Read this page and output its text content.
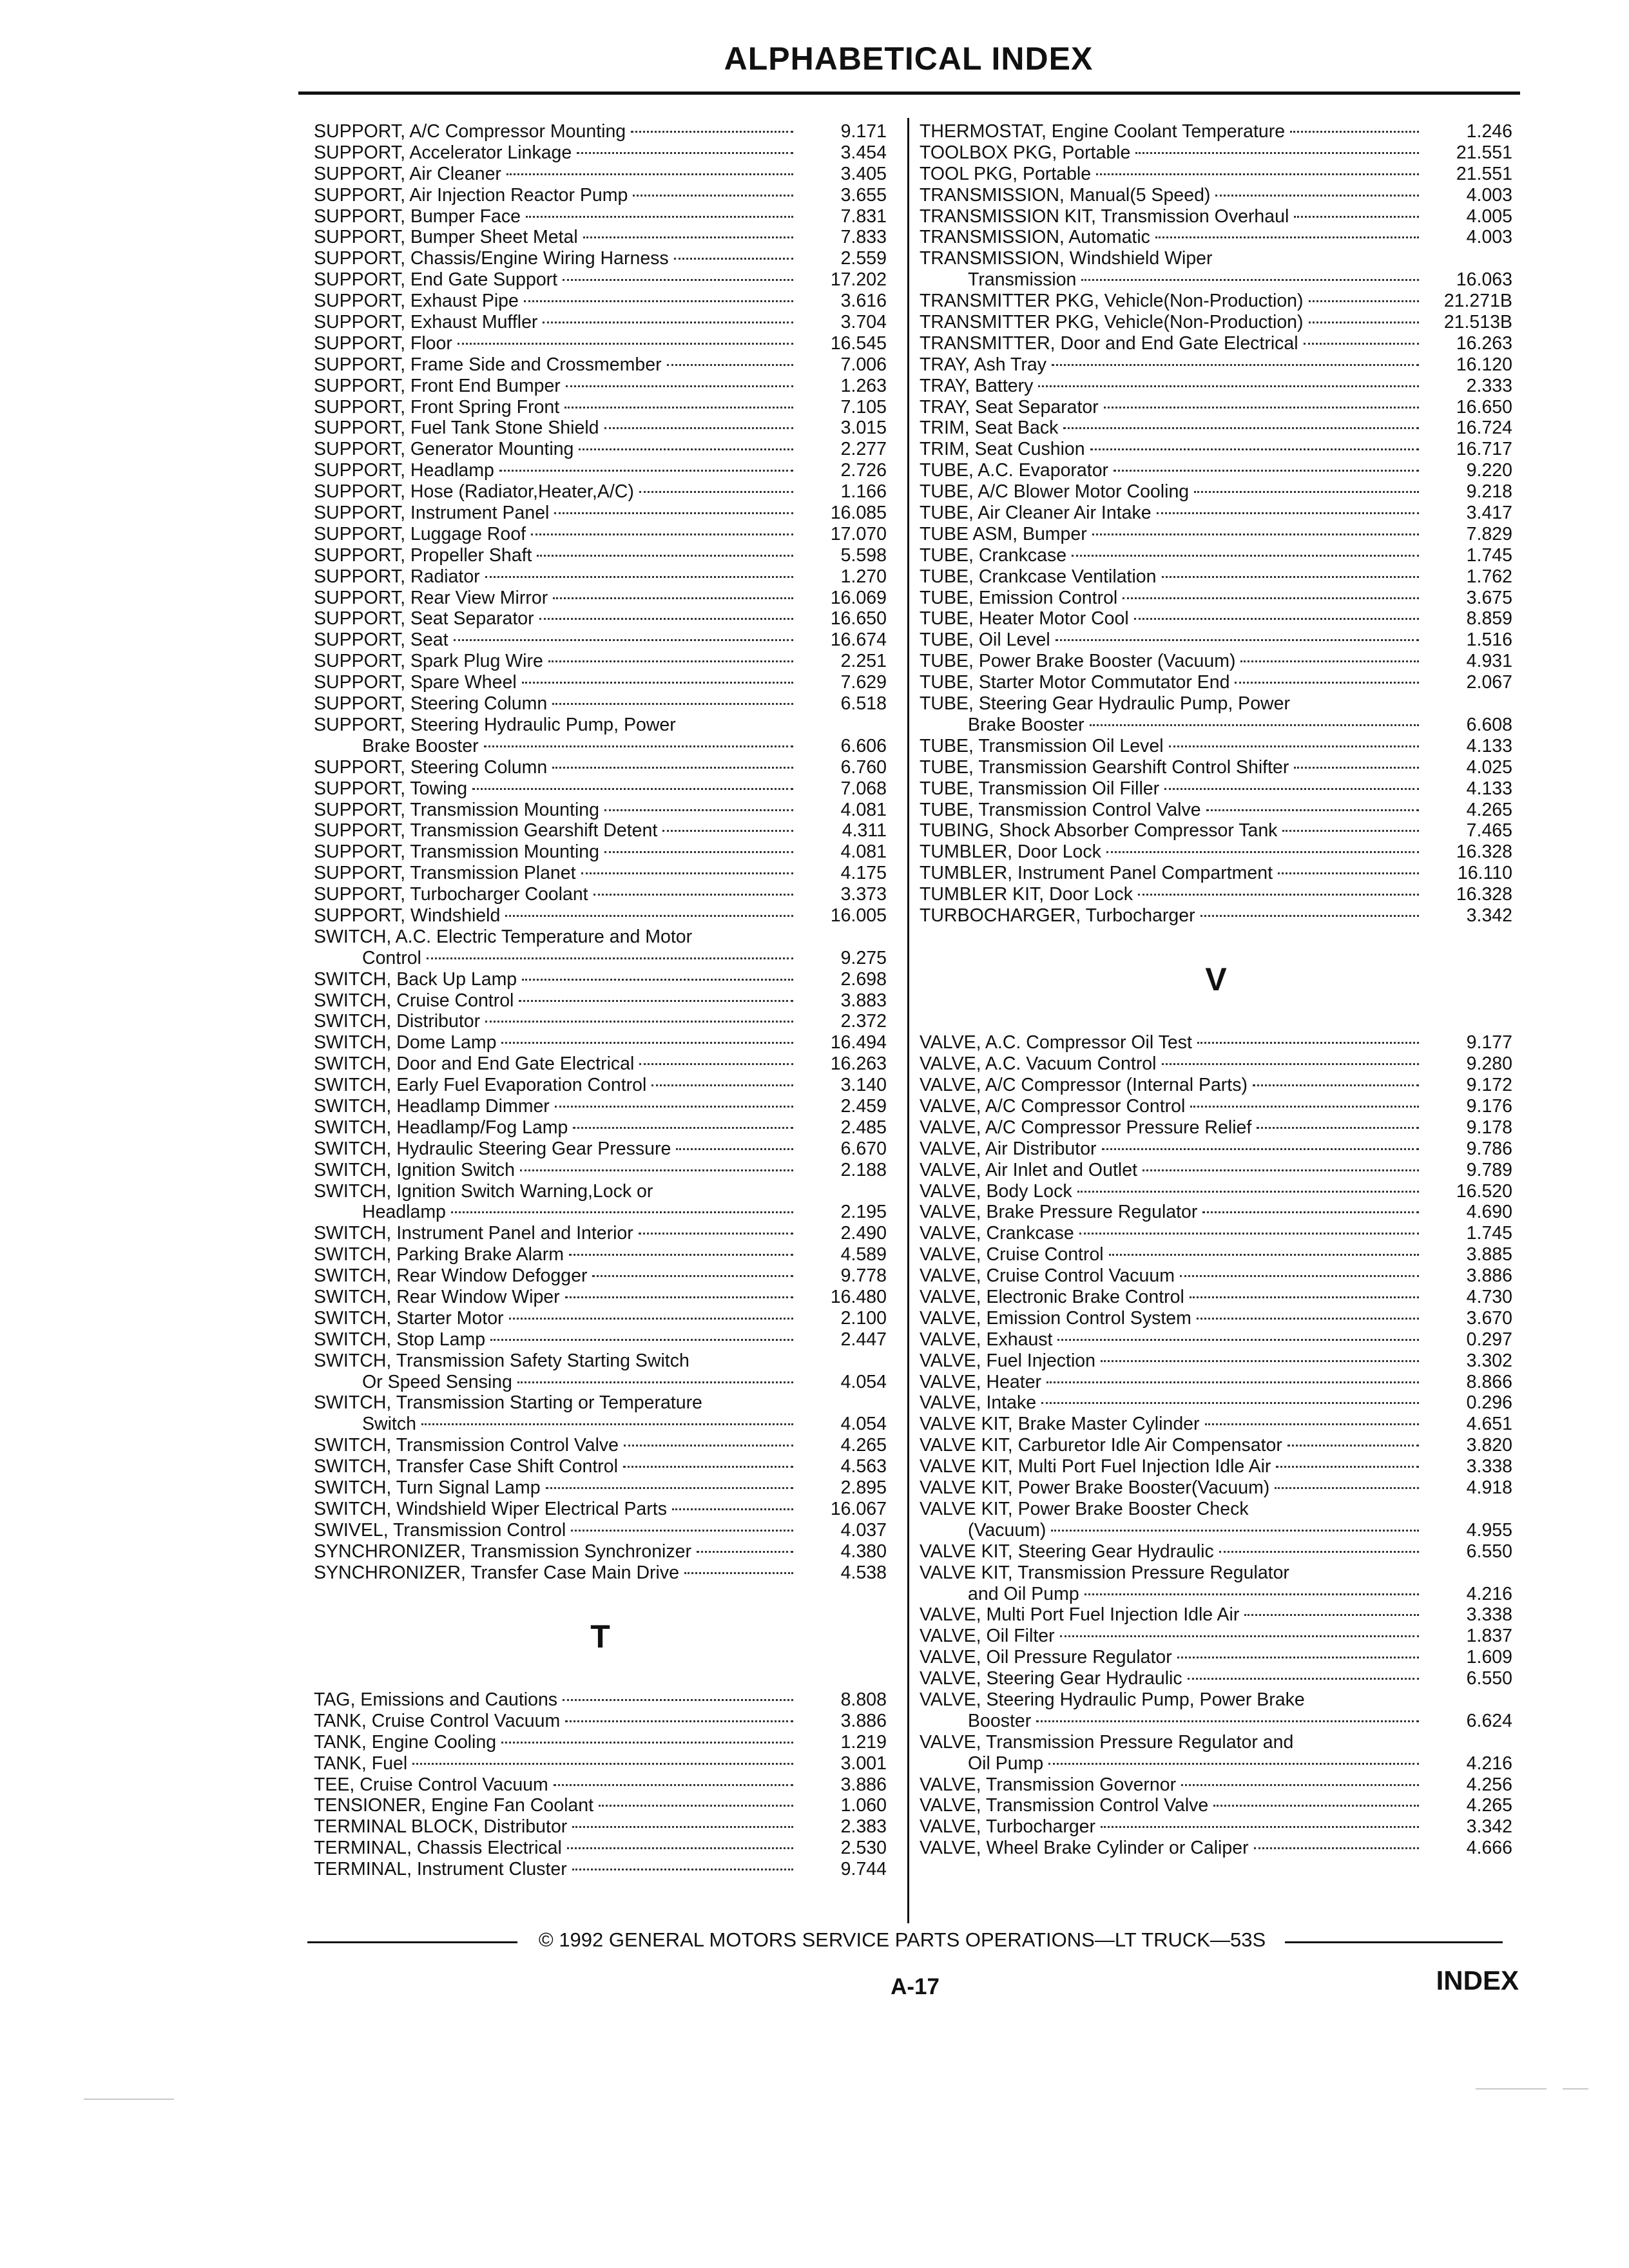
ALPHABETICAL INDEX
SUPPORT, A/C Compressor Mounting	9.171
SUPPORT, Accelerator Linkage	3.454
SUPPORT, Air Cleaner	3.405
SUPPORT, Air Injection Reactor Pump	3.655
SUPPORT, Bumper Face	7.831
SUPPORT, Bumper Sheet Metal	7.833
SUPPORT, Chassis/Engine Wiring Harness	2.559
SUPPORT, End Gate Support	17.202
SUPPORT, Exhaust Pipe	3.616
SUPPORT, Exhaust Muffler	3.704
SUPPORT, Floor	16.545
SUPPORT, Frame Side and Crossmember	7.006
SUPPORT, Front End Bumper	1.263
SUPPORT, Front Spring Front	7.105
SUPPORT, Fuel Tank Stone Shield	3.015
SUPPORT, Generator Mounting	2.277
SUPPORT, Headlamp	2.726
SUPPORT, Hose (Radiator,Heater,A/C)	1.166
SUPPORT, Instrument Panel	16.085
SUPPORT, Luggage Roof	17.070
SUPPORT, Propeller Shaft	5.598
SUPPORT, Radiator	1.270
SUPPORT, Rear View Mirror	16.069
SUPPORT, Seat Separator	16.650
SUPPORT, Seat	16.674
SUPPORT, Spark Plug Wire	2.251
SUPPORT, Spare Wheel	7.629
SUPPORT, Steering Column	6.518
SUPPORT, Steering Hydraulic Pump, Power
Brake Booster	6.606
SUPPORT, Steering Column	6.760
SUPPORT, Towing	7.068
SUPPORT, Transmission Mounting	4.081
SUPPORT, Transmission Gearshift Detent	4.311
SUPPORT, Transmission Mounting	4.081
SUPPORT, Transmission Planet	4.175
SUPPORT, Turbocharger Coolant	3.373
SUPPORT, Windshield	16.005
SWITCH, A.C. Electric Temperature and Motor
Control	9.275
SWITCH, Back Up Lamp	2.698
SWITCH, Cruise Control	3.883
SWITCH, Distributor	2.372
SWITCH, Dome Lamp	16.494
SWITCH, Door and End Gate Electrical	16.263
SWITCH, Early Fuel Evaporation Control	3.140
SWITCH, Headlamp Dimmer	2.459
SWITCH, Headlamp/Fog Lamp	2.485
SWITCH, Hydraulic Steering Gear Pressure	6.670
SWITCH, Ignition Switch	2.188
SWITCH, Ignition Switch Warning,Lock or
Headlamp	2.195
SWITCH, Instrument Panel and Interior	2.490
SWITCH, Parking Brake Alarm	4.589
SWITCH, Rear Window Defogger	9.778
SWITCH, Rear Window Wiper	16.480
SWITCH, Starter Motor	2.100
SWITCH, Stop Lamp	2.447
SWITCH, Transmission Safety Starting Switch
Or Speed Sensing	4.054
SWITCH, Transmission Starting or Temperature
Switch	4.054
SWITCH, Transmission Control Valve	4.265
SWITCH, Transfer Case Shift Control	4.563
SWITCH, Turn Signal Lamp	2.895
SWITCH, Windshield Wiper Electrical Parts	16.067
SWIVEL, Transmission Control	4.037
SYNCHRONIZER, Transmission Synchronizer	4.380
SYNCHRONIZER, Transfer Case Main Drive	4.538
T
TAG, Emissions and Cautions	8.808
TANK, Cruise Control Vacuum	3.886
TANK, Engine Cooling	1.219
TANK, Fuel	3.001
TEE, Cruise Control Vacuum	3.886
TENSIONER, Engine Fan Coolant	1.060
TERMINAL BLOCK, Distributor	2.383
TERMINAL, Chassis Electrical	2.530
TERMINAL, Instrument Cluster	9.744
THERMOSTAT, Engine Coolant Temperature	1.246
TOOLBOX PKG, Portable	21.551
TOOL PKG, Portable	21.551
TRANSMISSION, Manual(5 Speed)	4.003
TRANSMISSION KIT, Transmission Overhaul	4.005
TRANSMISSION, Automatic	4.003
TRANSMISSION, Windshield Wiper
Transmission	16.063
TRANSMITTER PKG, Vehicle(Non-Production)	21.271B
TRANSMITTER PKG, Vehicle(Non-Production)	21.513B
TRANSMITTER, Door and End Gate Electrical	16.263
TRAY, Ash Tray	16.120
TRAY, Battery	2.333
TRAY, Seat Separator	16.650
TRIM, Seat Back	16.724
TRIM, Seat Cushion	16.717
TUBE, A.C. Evaporator	9.220
TUBE, A/C Blower Motor Cooling	9.218
TUBE, Air Cleaner Air Intake	3.417
TUBE ASM, Bumper	7.829
TUBE, Crankcase	1.745
TUBE, Crankcase Ventilation	1.762
TUBE, Emission Control	3.675
TUBE, Heater Motor Cool	8.859
TUBE, Oil Level	1.516
TUBE, Power Brake Booster (Vacuum)	4.931
TUBE, Starter Motor Commutator End	2.067
TUBE, Steering Gear Hydraulic Pump, Power
Brake Booster	6.608
TUBE, Transmission Oil Level	4.133
TUBE, Transmission Gearshift Control Shifter	4.025
TUBE, Transmission Oil Filler	4.133
TUBE, Transmission Control Valve	4.265
TUBING, Shock Absorber Compressor Tank	7.465
TUMBLER, Door Lock	16.328
TUMBLER, Instrument Panel Compartment	16.110
TUMBLER KIT, Door Lock	16.328
TURBOCHARGER, Turbocharger	3.342
V
VALVE, A.C. Compressor Oil Test	9.177
VALVE, A.C. Vacuum Control	9.280
VALVE, A/C Compressor (Internal Parts)	9.172
VALVE, A/C Compressor Control	9.176
VALVE, A/C Compressor Pressure Relief	9.178
VALVE, Air Distributor	9.786
VALVE, Air Inlet and Outlet	9.789
VALVE, Body Lock	16.520
VALVE, Brake Pressure Regulator	4.690
VALVE, Crankcase	1.745
VALVE, Cruise Control	3.885
VALVE, Cruise Control Vacuum	3.886
VALVE, Electronic Brake Control	4.730
VALVE, Emission Control System	3.670
VALVE, Exhaust	0.297
VALVE, Fuel Injection	3.302
VALVE, Heater	8.866
VALVE, Intake	0.296
VALVE KIT, Brake Master Cylinder	4.651
VALVE KIT, Carburetor Idle Air Compensator	3.820
VALVE KIT, Multi Port Fuel Injection Idle Air	3.338
VALVE KIT, Power Brake Booster(Vacuum)	4.918
VALVE KIT, Power Brake Booster Check
(Vacuum)	4.955
VALVE KIT, Steering Gear Hydraulic	6.550
VALVE KIT, Transmission Pressure Regulator
and Oil Pump	4.216
VALVE, Multi Port Fuel Injection Idle Air	3.338
VALVE, Oil Filter	1.837
VALVE, Oil Pressure Regulator	1.609
VALVE, Steering Gear Hydraulic	6.550
VALVE, Steering Hydraulic Pump, Power Brake
Booster	6.624
VALVE, Transmission Pressure Regulator and
Oil Pump	4.216
VALVE, Transmission Governor	4.256
VALVE, Transmission Control Valve	4.265
VALVE, Turbocharger	3.342
VALVE, Wheel Brake Cylinder or Caliper	4.666
© 1992 GENERAL MOTORS SERVICE PARTS OPERATIONS—LT TRUCK—53S
A-17	INDEX
